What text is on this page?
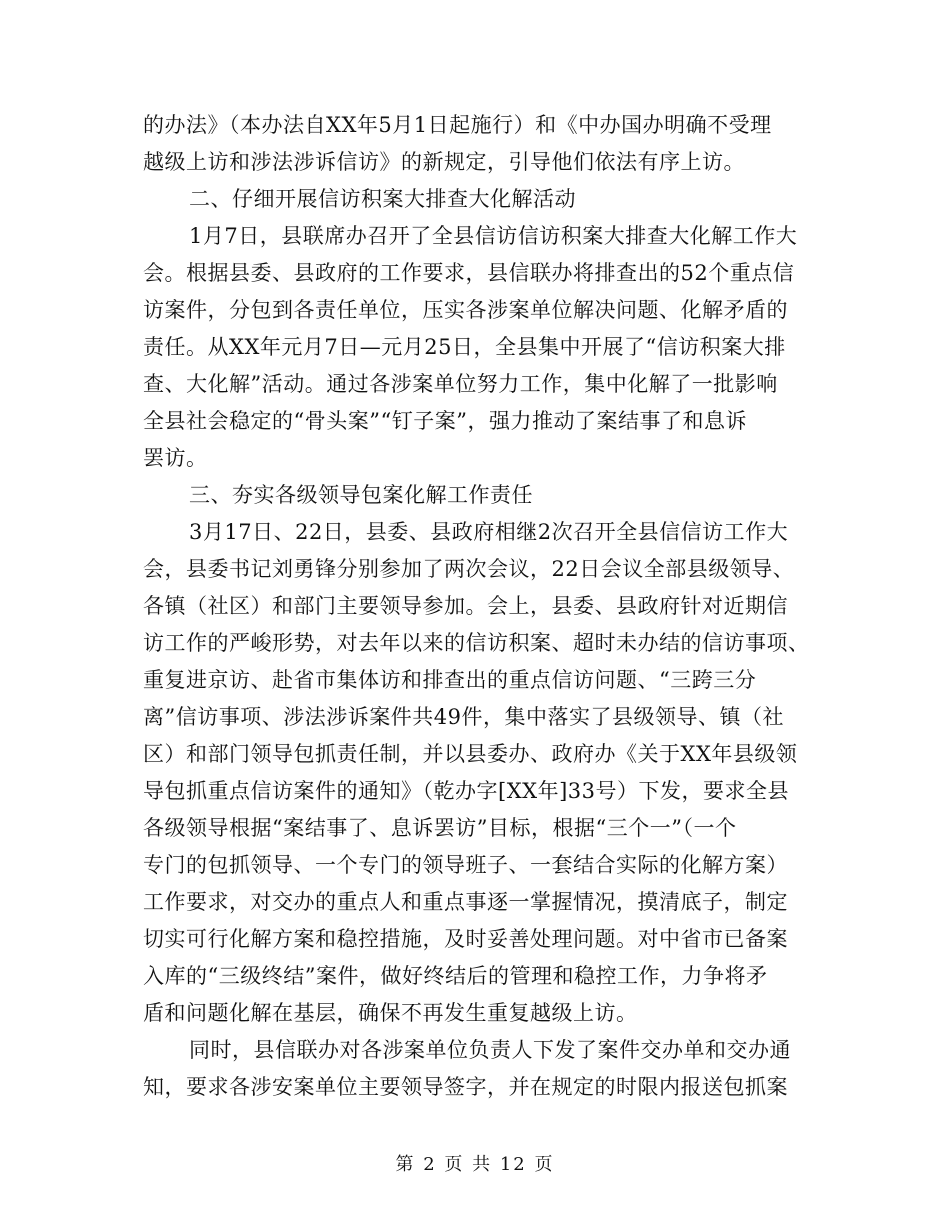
的办法》（本办法自XX年5月1日起施行）和《中办国办明确不受理
越级上访和涉法涉诉信访》的新规定，引导他们依法有序上访。
二、仔细开展信访积案大排查大化解活动
1月7日，县联席办召开了全县信访信访积案大排查大化解工作大
会。根据县委、县政府的工作要求，县信联办将排查出的52个重点信
访案件，分包到各责任单位，压实各涉案单位解决问题、化解矛盾的
责任。从XX年元月7日—元月25日，全县集中开展了“信访积案大排
查、大化解”活动。通过各涉案单位努力工作，集中化解了一批影响
全县社会稳定的“骨头案”“钉子案”，强力推动了案结事了和息诉
罢访。
三、夯实各级领导包案化解工作责任
3月17日、22日，县委、县政府相继2次召开全县信信访工作大
会，县委书记刘勇锋分别参加了两次会议，22日会议全部县级领导、
各镇（社区）和部门主要领导参加。会上，县委、县政府针对近期信
访工作的严峻形势，对去年以来的信访积案、超时未办结的信访事项、
重复进京访、赴省市集体访和排查出的重点信访问题、“三跨三分
离”信访事项、涉法涉诉案件共49件，集中落实了县级领导、镇（社
区）和部门领导包抓责任制，并以县委办、政府办《关于XX年县级领
导包抓重点信访案件的通知》（乾办字[XX年]33号）下发，要求全县
各级领导根据“案结事了、息诉罢访”目标，根据“三个一”（一个
专门的包抓领导、一个专门的领导班子、一套结合实际的化解方案）
工作要求，对交办的重点人和重点事逐一掌握情况，摸清底子，制定
切实可行化解方案和稳控措施，及时妥善处理问题。对中省市已备案
入库的“三级终结”案件，做好终结后的管理和稳控工作，力争将矛
盾和问题化解在基层，确保不再发生重复越级上访。
同时，县信联办对各涉案单位负责人下发了案件交办单和交办通
知，要求各涉安案单位主要领导签字，并在规定的时限内报送包抓案
第 2 页 共 12 页
